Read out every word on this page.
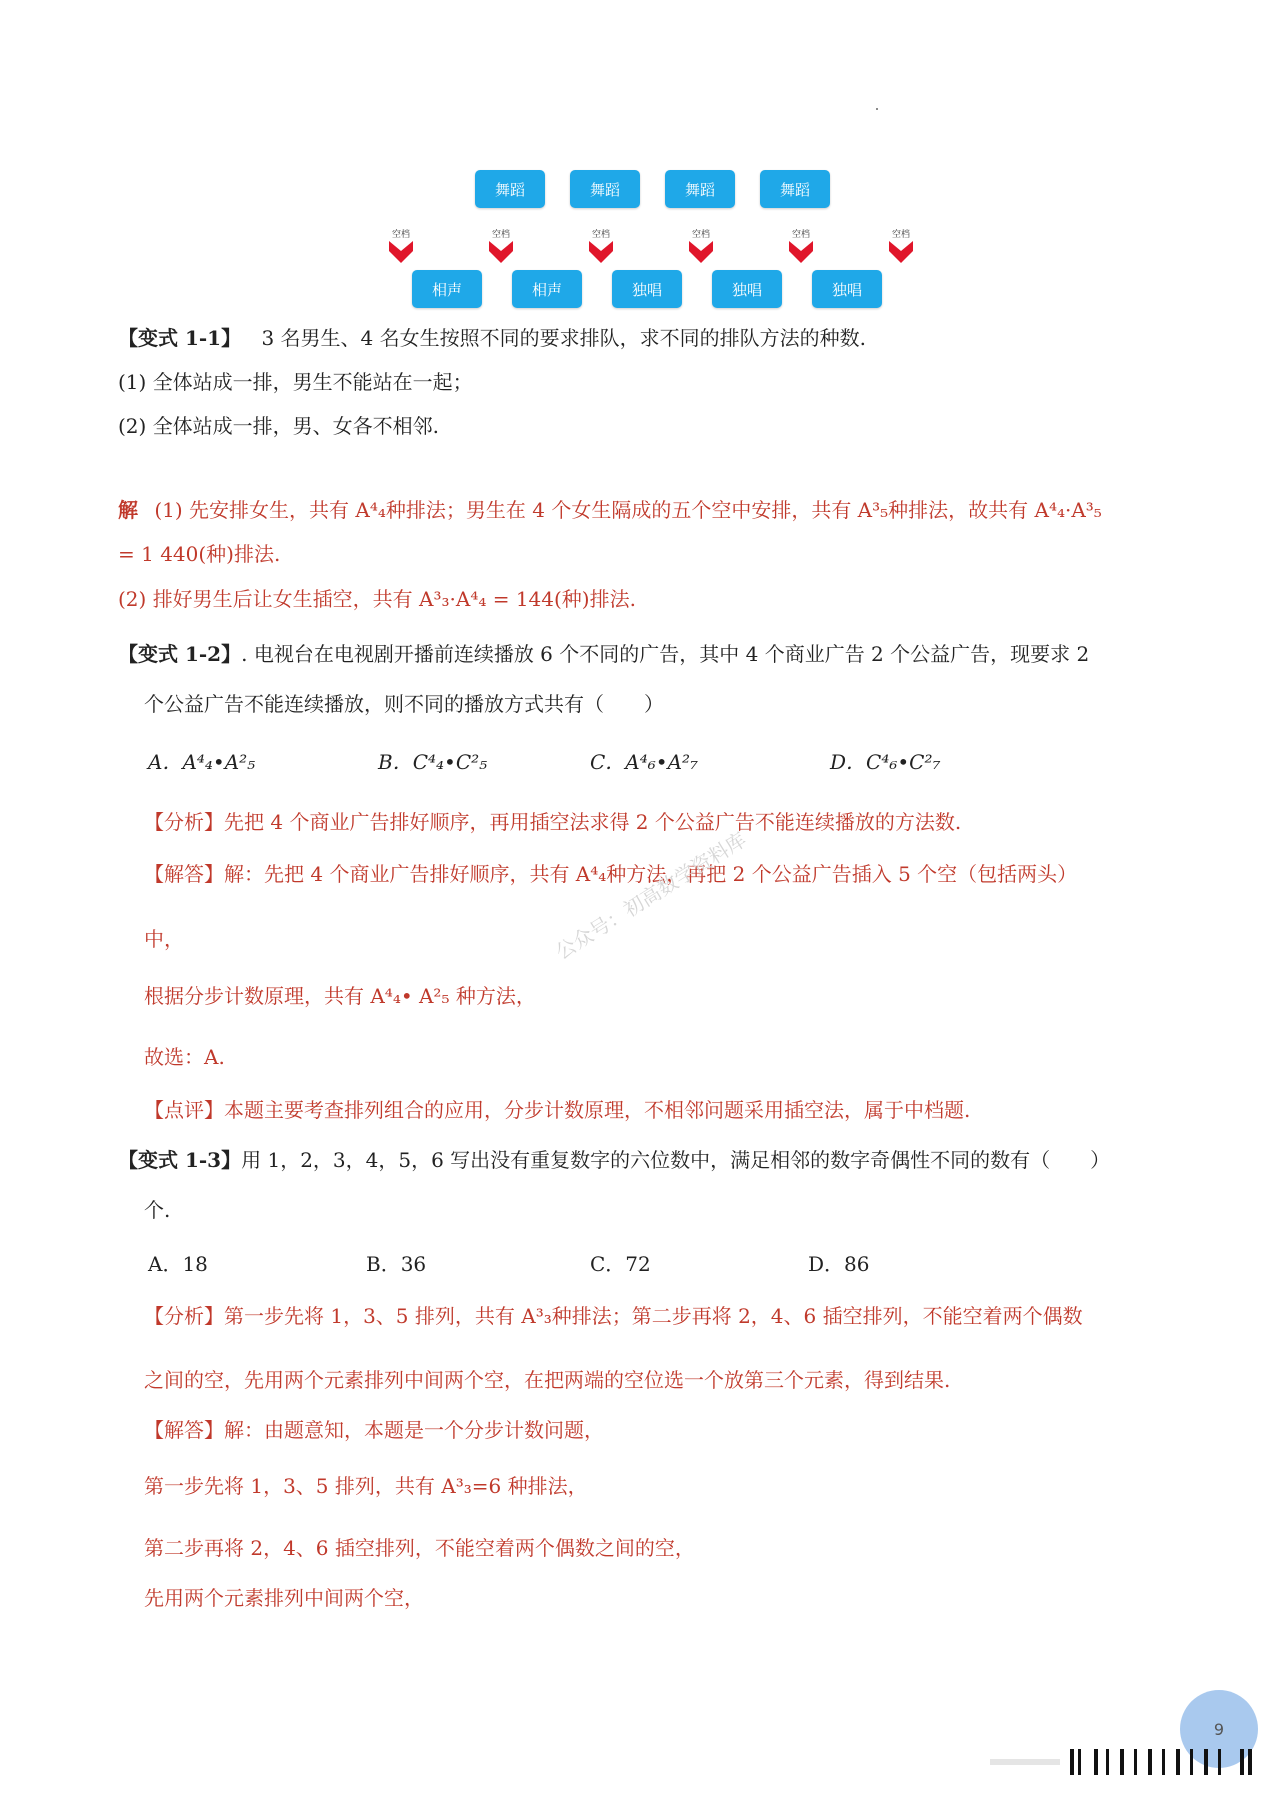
舞蹈	舞蹈	舞蹈	舞蹈
空档	空档	空档	空档	空档	空档
相声	相声	独唱	独唱	独唱
【变式 1-1】 3 名男生、4 名女生按照不同的要求排队，求不同的排队方法的种数.
(1) 全体站成一排，男生不能站在一起；
(2) 全体站成一排，男、女各不相邻.
解 (1) 先安排女生，共有 A⁴₄种排法；男生在 4 个女生隔成的五个空中安排，共有 A³₅种排法，故共有 A⁴₄·A³₅
= 1 440(种)排法.
(2) 排好男生后让女生插空，共有 A³₃·A⁴₄ = 144(种)排法.
【变式 1-2】. 电视台在电视剧开播前连续播放 6 个不同的广告，其中 4 个商业广告 2 个公益广告，现要求 2
个公益广告不能连续播放，则不同的播放方式共有（　　）
A．A⁴₄•A²₅	B．C⁴₄•C²₅	C．A⁴₆•A²₇	D．C⁴₆•C²₇
【分析】先把 4 个商业广告排好顺序，再用插空法求得 2 个公益广告不能连续播放的方法数.
【解答】解：先把 4 个商业广告排好顺序，共有 A⁴₄种方法，再把 2 个公益广告插入 5 个空（包括两头）
中，
根据分步计数原理，共有 A⁴₄• A²₅ 种方法，
故选：A.
【点评】本题主要考查排列组合的应用，分步计数原理，不相邻问题采用插空法，属于中档题.
【变式 1-3】用 1，2，3，4，5，6 写出没有重复数字的六位数中，满足相邻的数字奇偶性不同的数有（　　）
个.
A．18	B．36	C．72	D．86
【分析】第一步先将 1，3、5 排列，共有 A³₃种排法；第二步再将 2，4、6 插空排列，不能空着两个偶数
之间的空，先用两个元素排列中间两个空，在把两端的空位选一个放第三个元素，得到结果.
【解答】解：由题意知，本题是一个分步计数问题，
第一步先将 1，3、5 排列，共有 A³₃=6 种排法，
第二步再将 2，4、6 插空排列，不能空着两个偶数之间的空，
先用两个元素排列中间两个空，
公众号：初高数学资料库
9
